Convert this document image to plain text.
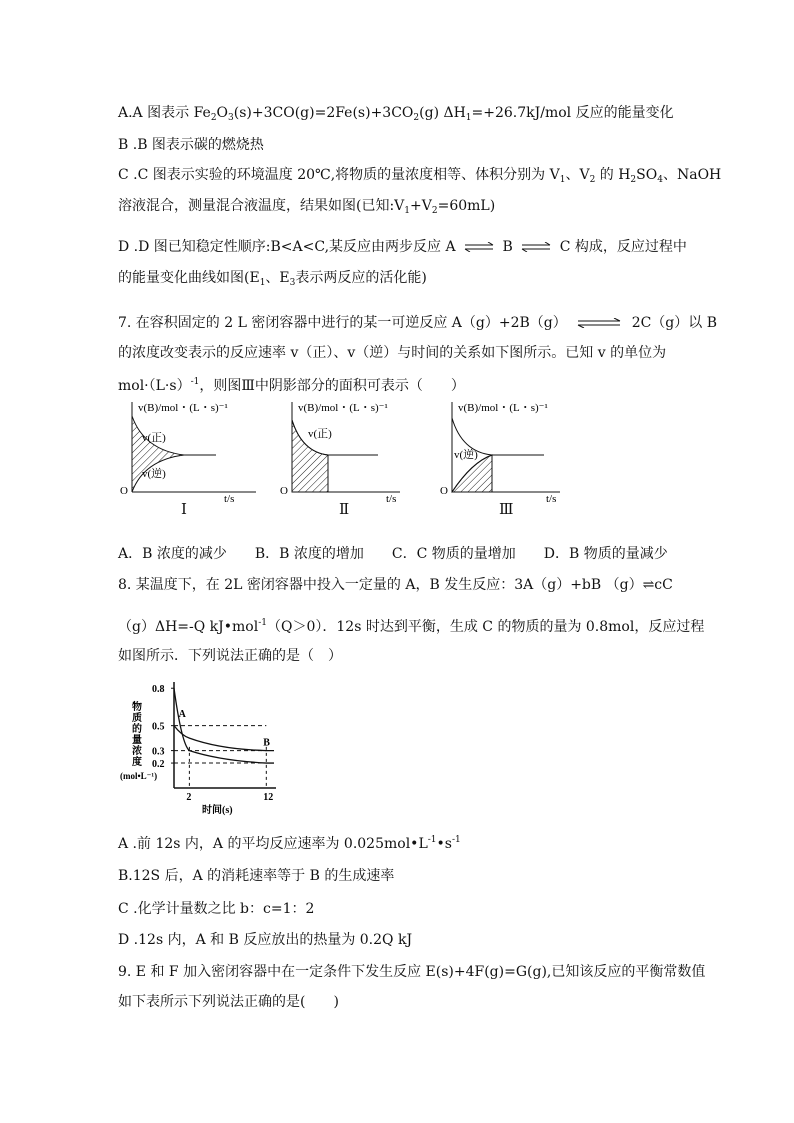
A.A 图表示 $Fe_2O_3(s)+3CO(g)=2Fe(s)+3CO_2(g)$ $\Delta H_1=+26.7kJ$/mol 反应的能量变化
B .B 图表示碳的燃烧热
C .C 图表示实验的环境温度 20℃,将物质的量浓度相等、体积分别为 $V_1$、$V_2$ 的 $H_2SO_4$、NaOH
溶液混合，测量混合液温度，结果如图(已知$:V_1+V_2=60mL$)
D .D 图已知稳定性顺序:B<A<C,某反应由两步反应 A ⇌ B ⇌ C 构成，反应过程中
的能量变化曲线如图($E_1$、$E_3$表示两反应的活化能)
7. 在容积固定的 2 L 密闭容器中进行的某一可逆反应 A（g）+2B（g） ⇌ 2C（g）以 B
的浓度改变表示的反应速率 v（正）、v（逆）与时间的关系如下图所示。已知 v 的单位为
$mol\cdot(L\cdot s)^{-1}$，则图Ⅲ中阴影部分的面积可表示（　　）
v(B)/mol・(L・s)⁻¹
v(正)
v(逆)
O
t/s
v(B)/mol・(L・s)⁻¹
v(正)
O
t/s
v(B)/mol・(L・s)⁻¹
v(逆)
O
t/s
Ⅰ	Ⅱ	Ⅲ
A．B 浓度的减少　　B．B 浓度的增加　　C．C 物质的量增加　　D．B 物质的量减少
8. 某温度下，在 2L 密闭容器中投入一定量的 A，B 发生反应：3A（g）+bB （g）⇌cC
（g）ΔH=-Q kJ•mol$^{-1}$（Q＞0）．12s 时达到平衡，生成 C 的物质的量为 0.8mol，反应过程
如图所示．下列说法正确的是（　）
物
质
的
量
浓
度
(mol•L⁻¹)
0.2
0.3
0.5
0.8
2	12
A
B
时间(s)
A .前 12s 内，A 的平均反应速率为 $0.025mol•L^{-1}•s^{-1}$
B.12S 后，A 的消耗速率等于 B 的生成速率
C .化学计量数之比 b：c=1：2
D .12s 内，A 和 B 反应放出的热量为 0.2Q kJ
9. E 和 F 加入密闭容器中在一定条件下发生反应 E(s)+4F(g)=G(g),已知该反应的平衡常数值
如下表所示下列说法正确的是(　　)
